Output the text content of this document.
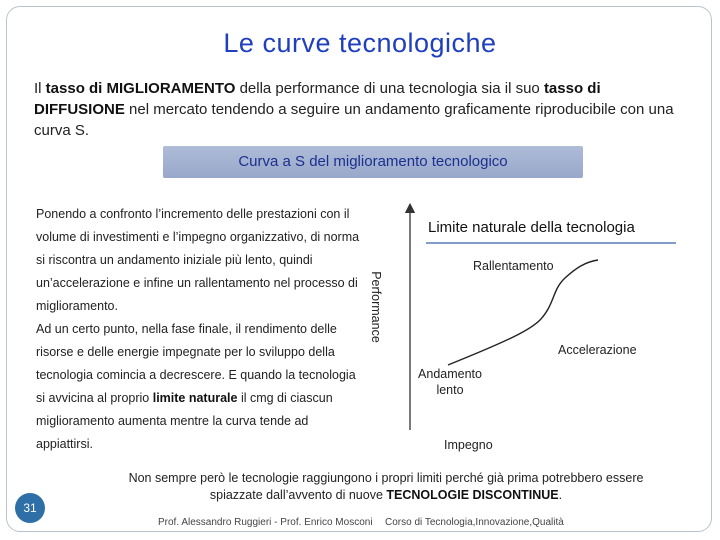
Le curve tecnologiche
Il tasso di MIGLIORAMENTO della performance di una tecnologia sia il suo tasso di DIFFUSIONE nel mercato tendendo a seguire un andamento graficamente riproducibile con una curva S.
Curva a S del miglioramento tecnologico
Ponendo a confronto l’incremento delle prestazioni con il volume di investimenti e l’impegno organizzativo, di norma si riscontra un andamento iniziale più lento, quindi un’accelerazione e infine un rallentamento nel processo di miglioramento.
Ad un certo punto, nella fase finale, il rendimento delle risorse e delle energie impegnate per lo sviluppo della tecnologia comincia a decrescere. E quando la tecnologia si avvicina al proprio limite naturale il cmg di ciascun miglioramento aumenta mentre la curva tende ad appiattirsi.
Limite naturale della tecnologia
Rallentamento
Accelerazione
Andamento lento
Impegno
Performance
Non sempre però le tecnologie raggiungono i propri limiti perché già prima potrebbero essere spiazzate dall’avvento di nuove TECNOLOGIE DISCONTINUE.
31
Prof. Alessandro Ruggieri - Prof. Enrico Mosconi Corso di Tecnologia,Innovazione,Qualità
